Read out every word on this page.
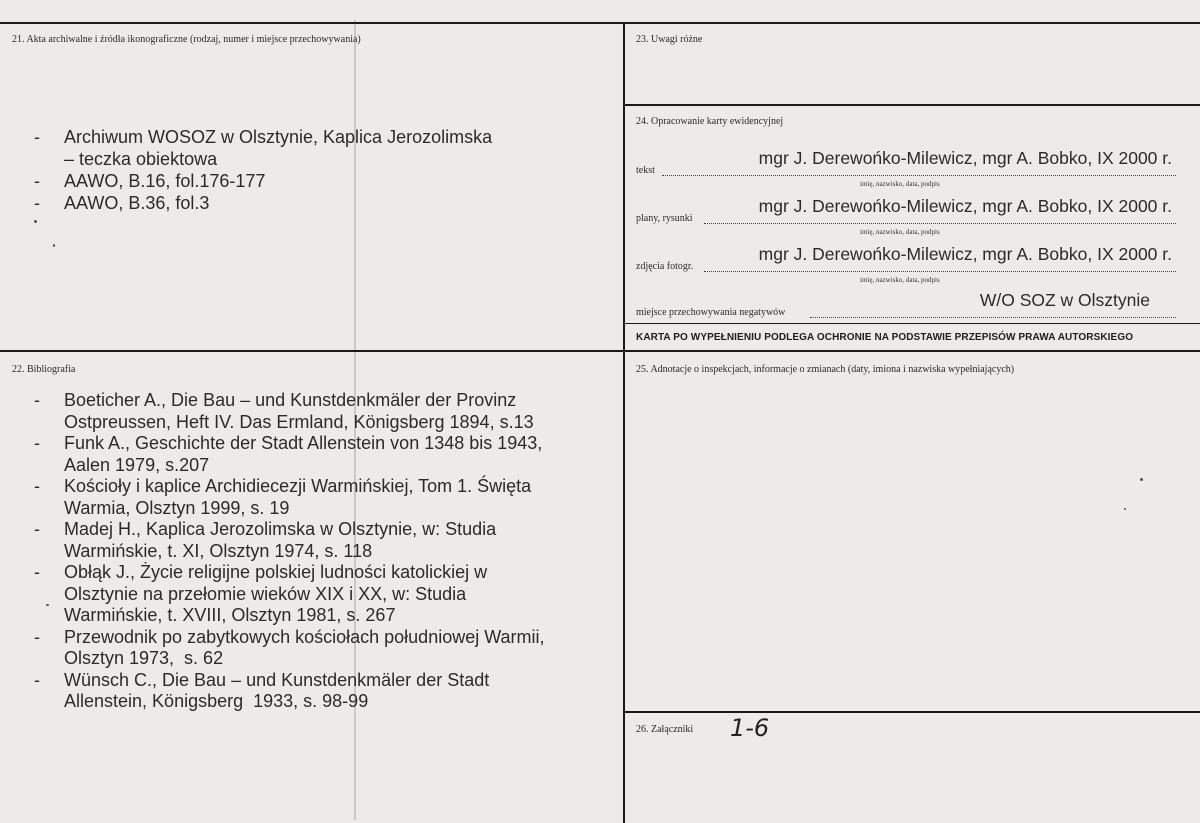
21. Akta archiwalne i źródła ikonograficzne (rodzaj, numer i miejsce przechowywania)
- Archiwum WOSOZ w Olsztynie, Kaplica Jerozolimska
– teczka obiektowa
- AAWO, B.16, fol.176-177
- AAWO, B.36, fol.3
23. Uwagi różne
24. Opracowanie karty ewidencyjnej
tekst
mgr J. Derewońko-Milewicz, mgr A. Bobko, IX 2000 r.
imię, nazwisko, data, podpis
plany, rysunki
mgr J. Derewońko-Milewicz, mgr A. Bobko, IX 2000 r.
imię, nazwisko, data, podpis
zdjęcia fotogr.
mgr J. Derewońko-Milewicz, mgr A. Bobko, IX 2000 r.
imię, nazwisko, data, podpis
miejsce przechowywania negatywów
W/O SOZ w Olsztynie
KARTA PO WYPEŁNIENIU PODLEGA OCHRONIE NA PODSTAWIE PRZEPISÓW PRAWA AUTORSKIEGO
22. Bibliografia
- Boeticher A., Die Bau – und Kunstdenkmäler der Provinz
Ostpreussen, Heft IV. Das Ermland, Königsberg 1894, s.13
- Funk A., Geschichte der Stadt Allenstein von 1348 bis 1943,
Aalen 1979, s.207
- Kościoły i kaplice Archidiecezji Warmińskiej, Tom 1. Święta
Warmia, Olsztyn 1999, s. 19
- Madej H., Kaplica Jerozolimska w Olsztynie, w: Studia
Warmińskie, t. XI, Olsztyn 1974, s. 118
- Obłąk J., Życie religijne polskiej ludności katolickiej w
Olsztynie na przełomie wieków XIX i XX, w: Studia
Warmińskie, t. XVIII, Olsztyn 1981, s. 267
- Przewodnik po zabytkowych kościołach południowej Warmii,
Olsztyn 1973,  s. 62
- Wünsch C., Die Bau – und Kunstdenkmäler der Stadt
Allenstein, Königsberg  1933, s. 98-99
25. Adnotacje o inspekcjach, informacje o zmianach (daty, imiona i nazwiska wypełniających)
26. Załączniki 1-6
